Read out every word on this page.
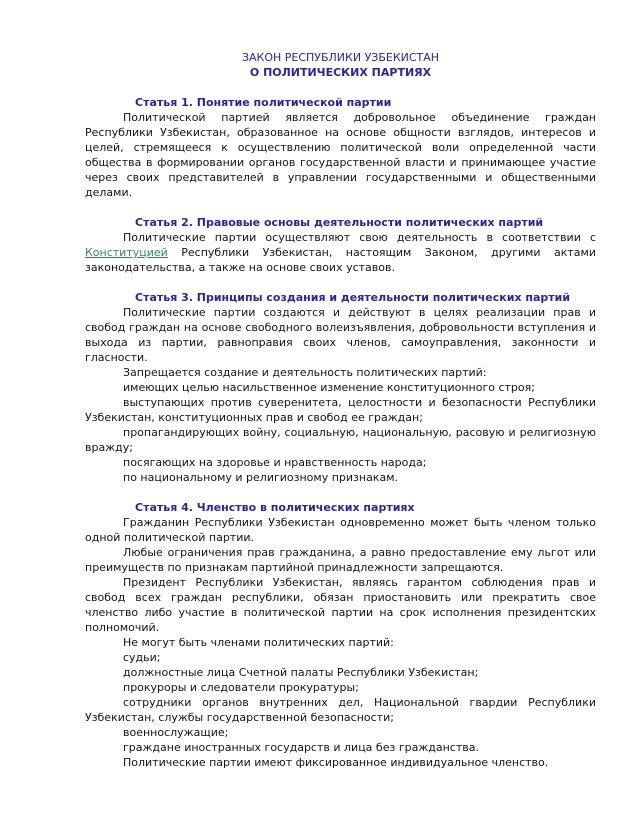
ЗАКОН РЕСПУБЛИКИ УЗБЕКИСТАН
О ПОЛИТИЧЕСКИХ ПАРТИЯХ
Статья 1. Понятие политической партии

Политической партией является добровольное объединение граждан Республики Узбекистан, образованное на основе общности взглядов, интересов и целей, стремящееся к осуществлению политической воли определенной части общества в формировании органов государственной власти и принимающее участие через своих представителей в управлении государственными и общественными делами.

Статья 2. Правовые основы деятельности политических партий

Политические партии осуществляют свою деятельность в соответствии с Конституцией Республики Узбекистан, настоящим Законом, другими актами законодательства, а также на основе своих уставов.

Статья 3. Принципы создания и деятельности политических партий

Политические партии создаются и действуют в целях реализации прав и свобод граждан на основе свободного волеизъявления, добровольности вступления и выхода из партии, равноправия своих членов, самоуправления, законности и гласности.

Запрещается создание и деятельность политических партий:

имеющих целью насильственное изменение конституционного строя;

выступающих против суверенитета, целостности и безопасности Республики Узбекистан, конституционных прав и свобод ее граждан;

пропагандирующих войну, социальную, национальную, расовую и религиозную вражду;

посягающих на здоровье и нравственность народа;

по национальному и религиозному признакам.

Статья 4. Членство в политических партиях

Гражданин Республики Узбекистан одновременно может быть членом только одной политической партии.

Любые ограничения прав гражданина, а равно предоставление ему льгот или преимуществ по признакам партийной принадлежности запрещаются.

Президент Республики Узбекистан, являясь гарантом соблюдения прав и свобод всех граждан республики, обязан приостановить или прекратить свое членство либо участие в политической партии на срок исполнения президентских полномочий.

Не могут быть членами политических партий:

судьи;

должностные лица Счетной палаты Республики Узбекистан;

прокуроры и следователи прокуратуры;

сотрудники органов внутренних дел, Национальной гвардии Республики Узбекистан, службы государственной безопасности;

военнослужащие;

граждане иностранных государств и лица без гражданства.

Политические партии имеют фиксированное индивидуальное членство.
